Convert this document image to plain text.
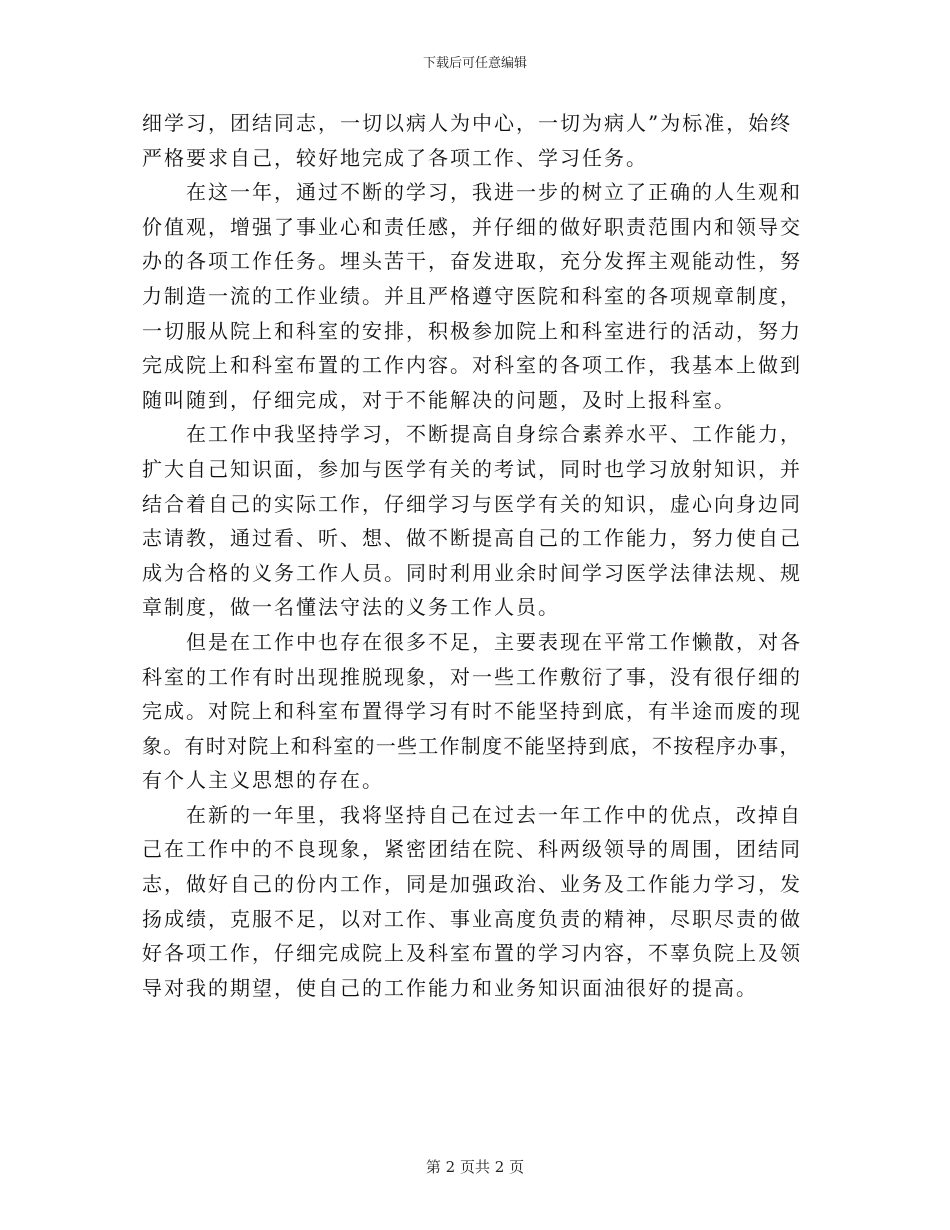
下载后可任意编辑
细学习，团结同志，一切以病人为中心，一切为病人”为标准，始终
严格要求自己，较好地完成了各项工作、学习任务。
在这一年，通过不断的学习，我进一步的树立了正确的人生观和
价值观，增强了事业心和责任感，并仔细的做好职责范围内和领导交
办的各项工作任务。埋头苦干，奋发进取，充分发挥主观能动性，努
力制造一流的工作业绩。并且严格遵守医院和科室的各项规章制度，
一切服从院上和科室的安排，积极参加院上和科室进行的活动，努力
完成院上和科室布置的工作内容。对科室的各项工作，我基本上做到
随叫随到，仔细完成，对于不能解决的问题，及时上报科室。
在工作中我坚持学习，不断提高自身综合素养水平、工作能力，
扩大自己知识面，参加与医学有关的考试，同时也学习放射知识，并
结合着自己的实际工作，仔细学习与医学有关的知识，虚心向身边同
志请教，通过看、听、想、做不断提高自己的工作能力，努力使自己
成为合格的义务工作人员。同时利用业余时间学习医学法律法规、规
章制度，做一名懂法守法的义务工作人员。
但是在工作中也存在很多不足，主要表现在平常工作懒散，对各
科室的工作有时出现推脱现象，对一些工作敷衍了事，没有很仔细的
完成。对院上和科室布置得学习有时不能坚持到底，有半途而废的现
象。有时对院上和科室的一些工作制度不能坚持到底，不按程序办事，
有个人主义思想的存在。
在新的一年里，我将坚持自己在过去一年工作中的优点，改掉自
己在工作中的不良现象，紧密团结在院、科两级领导的周围，团结同
志，做好自己的份内工作，同是加强政治、业务及工作能力学习，发
扬成绩，克服不足，以对工作、事业高度负责的精神，尽职尽责的做
好各项工作，仔细完成院上及科室布置的学习内容，不辜负院上及领
导对我的期望，使自己的工作能力和业务知识面油很好的提高。
第 2 页共 2 页
